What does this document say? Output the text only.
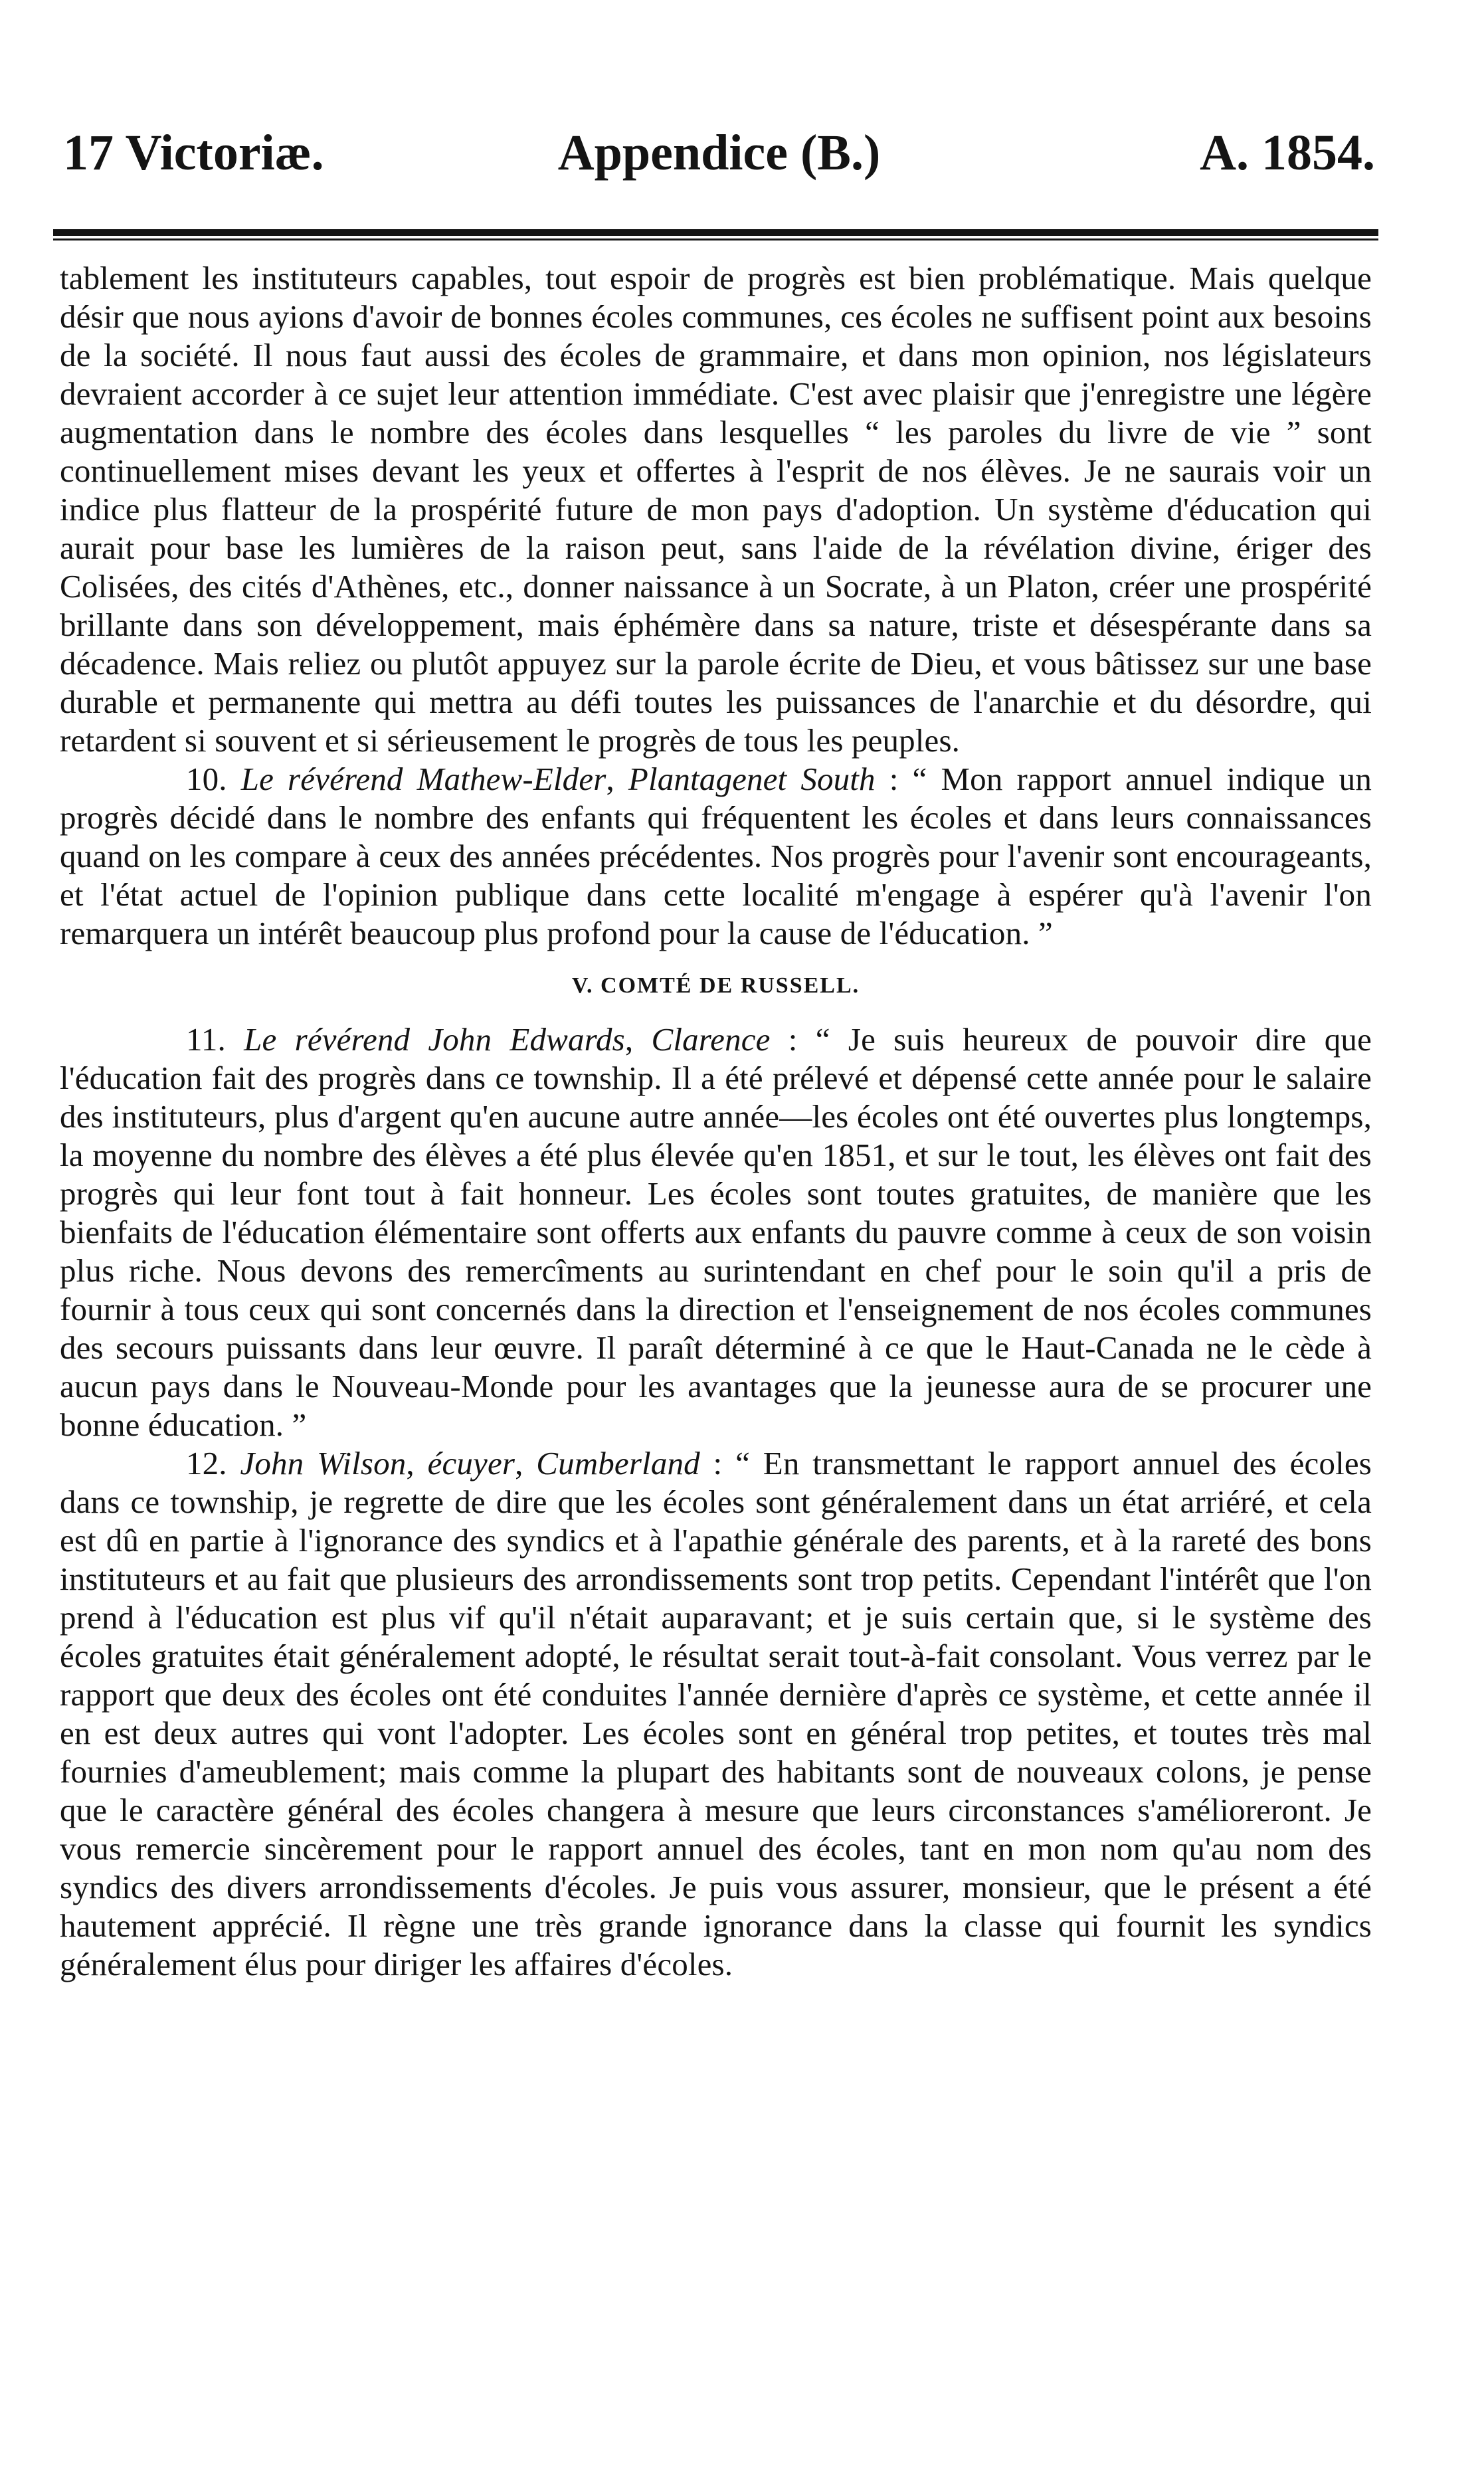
17 Victoriæ.	Appendice (B.)	A. 1854.

tablement les instituteurs capables, tout espoir de progrès est bien problématique. Mais quelque désir que nous ayions d'avoir de bonnes écoles communes, ces écoles ne suffisent point aux besoins de la société. Il nous faut aussi des écoles de grammaire, et dans mon opinion, nos législateurs devraient accorder à ce sujet leur attention immédiate. C'est avec plaisir que j'enregistre une légère augmentation dans le nombre des écoles dans lesquelles “ les paroles du livre de vie ” sont continuellement mises devant les yeux et offertes à l'esprit de nos élèves. Je ne saurais voir un indice plus flatteur de la prospérité future de mon pays d'adoption. Un système d'éducation qui aurait pour base les lumières de la raison peut, sans l'aide de la révélation divine, ériger des Colisées, des cités d'Athènes, etc., donner naissance à un Socrate, à un Platon, créer une prospérité brillante dans son développement, mais éphémère dans sa nature, triste et désespérante dans sa décadence. Mais reliez ou plutôt appuyez sur la parole écrite de Dieu, et vous bâtissez sur une base durable et permanente qui mettra au défi toutes les puissances de l'anarchie et du désordre, qui retardent si souvent et si sérieusement le progrès de tous les peuples.

10. Le révérend Mathew-Elder, Plantagenet South : “ Mon rapport annuel indique un progrès décidé dans le nombre des enfants qui fréquentent les écoles et dans leurs connaissances quand on les compare à ceux des années précédentes. Nos progrès pour l'avenir sont encourageants, et l'état actuel de l'opinion publique dans cette localité m'engage à espérer qu'à l'avenir l'on remarquera un intérêt beaucoup plus profond pour la cause de l'éducation. ”

V. COMTÉ DE RUSSELL.

11. Le révérend John Edwards, Clarence : “ Je suis heureux de pouvoir dire que l'éducation fait des progrès dans ce township. Il a été prélevé et dépensé cette année pour le salaire des instituteurs, plus d'argent qu'en aucune autre année—les écoles ont été ouvertes plus longtemps, la moyenne du nombre des élèves a été plus élevée qu'en 1851, et sur le tout, les élèves ont fait des progrès qui leur font tout à fait honneur. Les écoles sont toutes gratuites, de manière que les bienfaits de l'éducation élémentaire sont offerts aux enfants du pauvre comme à ceux de son voisin plus riche. Nous devons des remercîments au surintendant en chef pour le soin qu'il a pris de fournir à tous ceux qui sont concernés dans la direction et l'enseignement de nos écoles communes des secours puissants dans leur œuvre. Il paraît déterminé à ce que le Haut-Canada ne le cède à aucun pays dans le Nouveau-Monde pour les avantages que la jeunesse aura de se procurer une bonne éducation. ”

12. John Wilson, écuyer, Cumberland : “ En transmettant le rapport annuel des écoles dans ce township, je regrette de dire que les écoles sont généralement dans un état arriéré, et cela est dû en partie à l'ignorance des syndics et à l'apathie générale des parents, et à la rareté des bons instituteurs et au fait que plusieurs des arrondissements sont trop petits. Cependant l'intérêt que l'on prend à l'éducation est plus vif qu'il n'était auparavant; et je suis certain que, si le système des écoles gratuites était généralement adopté, le résultat serait tout-à-fait consolant. Vous verrez par le rapport que deux des écoles ont été conduites l'année dernière d'après ce système, et cette année il en est deux autres qui vont l'adopter. Les écoles sont en général trop petites, et toutes très mal fournies d'ameublement; mais comme la plupart des habitants sont de nouveaux colons, je pense que le caractère général des écoles changera à mesure que leurs circonstances s'amélioreront. Je vous remercie sincèrement pour le rapport annuel des écoles, tant en mon nom qu'au nom des syndics des divers arrondissements d'écoles. Je puis vous assurer, monsieur, que le présent a été hautement apprécié. Il règne une très grande ignorance dans la classe qui fournit les syndics généralement élus pour diriger les affaires d'écoles.
